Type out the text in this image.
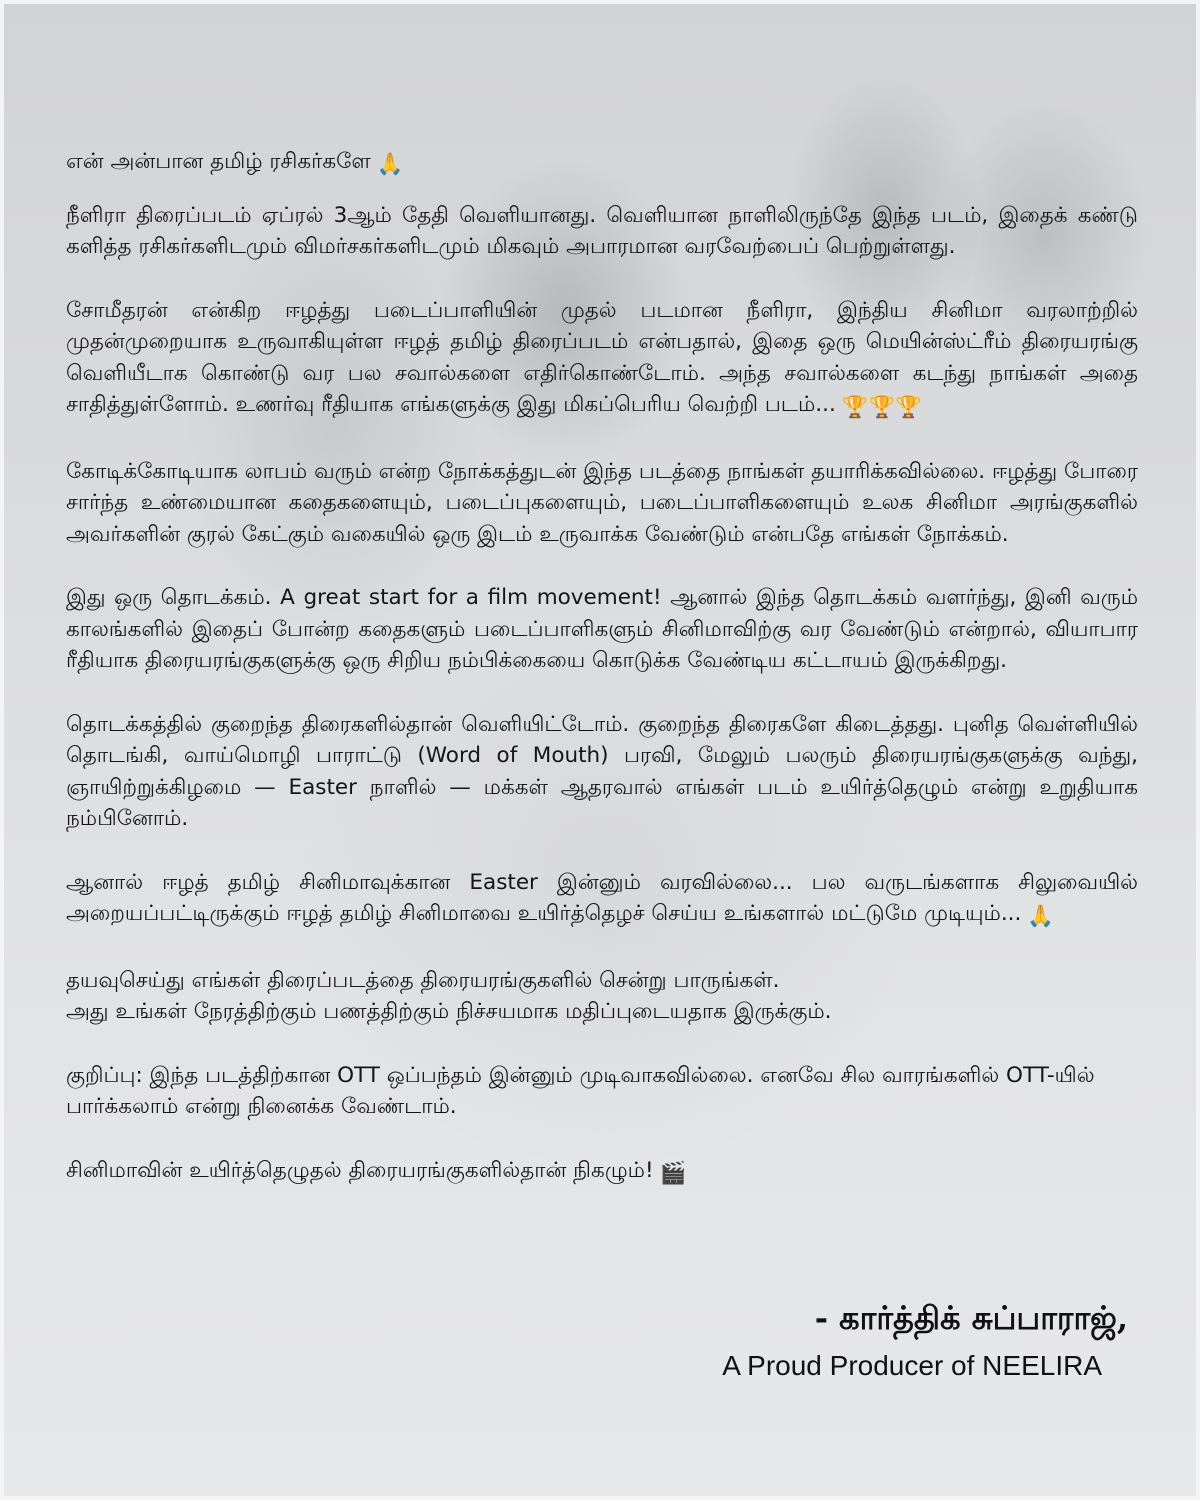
என் அன்பான தமிழ் ரசிகர்களே 🙏

நீளிரா திரைப்படம் ஏப்ரல் 3ஆம் தேதி வெளியானது. வெளியான நாளிலிருந்தே இந்த படம், இதைக் கண்டு களித்த ரசிகர்களிடமும் விமர்சகர்களிடமும் மிகவும் அபாரமான வரவேற்பைப் பெற்றுள்ளது.

சோமீதரன் என்கிற ஈழத்து படைப்பாளியின் முதல் படமான நீளிரா, இந்திய சினிமா வரலாற்றில் முதன்முறையாக உருவாகியுள்ள ஈழத் தமிழ் திரைப்படம் என்பதால், இதை ஒரு மெயின்ஸ்ட்ரீம் திரையரங்கு வெளியீடாக கொண்டு வர பல சவால்களை எதிர்கொண்டோம். அந்த சவால்களை கடந்து நாங்கள் அதை சாதித்துள்ளோம். உணர்வு ரீதியாக எங்களுக்கு இது மிகப்பெரிய வெற்றி படம்... 🏆🏆🏆

கோடிக்கோடியாக லாபம் வரும் என்ற நோக்கத்துடன் இந்த படத்தை நாங்கள் தயாரிக்கவில்லை. ஈழத்து போரை சார்ந்த உண்மையான கதைகளையும், படைப்புகளையும், படைப்பாளிகளையும் உலக சினிமா அரங்குகளில் அவர்களின் குரல் கேட்கும் வகையில் ஒரு இடம் உருவாக்க வேண்டும் என்பதே எங்கள் நோக்கம்.

இது ஒரு தொடக்கம். A great start for a film movement! ஆனால் இந்த தொடக்கம் வளர்ந்து, இனி வரும் காலங்களில் இதைப் போன்ற கதைகளும் படைப்பாளிகளும் சினிமாவிற்கு வர வேண்டும் என்றால், வியாபார ரீதியாக திரையரங்குகளுக்கு ஒரு சிறிய நம்பிக்கையை கொடுக்க வேண்டிய கட்டாயம் இருக்கிறது.

தொடக்கத்தில் குறைந்த திரைகளில்தான் வெளியிட்டோம். குறைந்த திரைகளே கிடைத்தது. புனித வெள்ளியில் தொடங்கி, வாய்மொழி பாராட்டு (Word of Mouth) பரவி, மேலும் பலரும் திரையரங்குகளுக்கு வந்து, ஞாயிற்றுக்கிழமை — Easter நாளில் — மக்கள் ஆதரவால் எங்கள் படம் உயிர்த்தெழும் என்று உறுதியாக நம்பினோம்.

ஆனால் ஈழத் தமிழ் சினிமாவுக்கான Easter இன்னும் வரவில்லை... பல வருடங்களாக சிலுவையில் அறையப்பட்டிருக்கும் ஈழத் தமிழ் சினிமாவை உயிர்த்தெழச் செய்ய உங்களால் மட்டுமே முடியும்... 🙏

தயவுசெய்து எங்கள் திரைப்படத்தை திரையரங்குகளில் சென்று பாருங்கள்.
அது உங்கள் நேரத்திற்கும் பணத்திற்கும் நிச்சயமாக மதிப்புடையதாக இருக்கும்.

குறிப்பு: இந்த படத்திற்கான OTT ஒப்பந்தம் இன்னும் முடிவாகவில்லை. எனவே சில வாரங்களில் OTT-யில் பார்க்கலாம் என்று நினைக்க வேண்டாம்.

சினிமாவின் உயிர்த்தெழுதல் திரையரங்குகளில்தான் நிகழும்! 🎬

- கார்த்திக் சுப்பாராஜ்,
A Proud Producer of NEELIRA
